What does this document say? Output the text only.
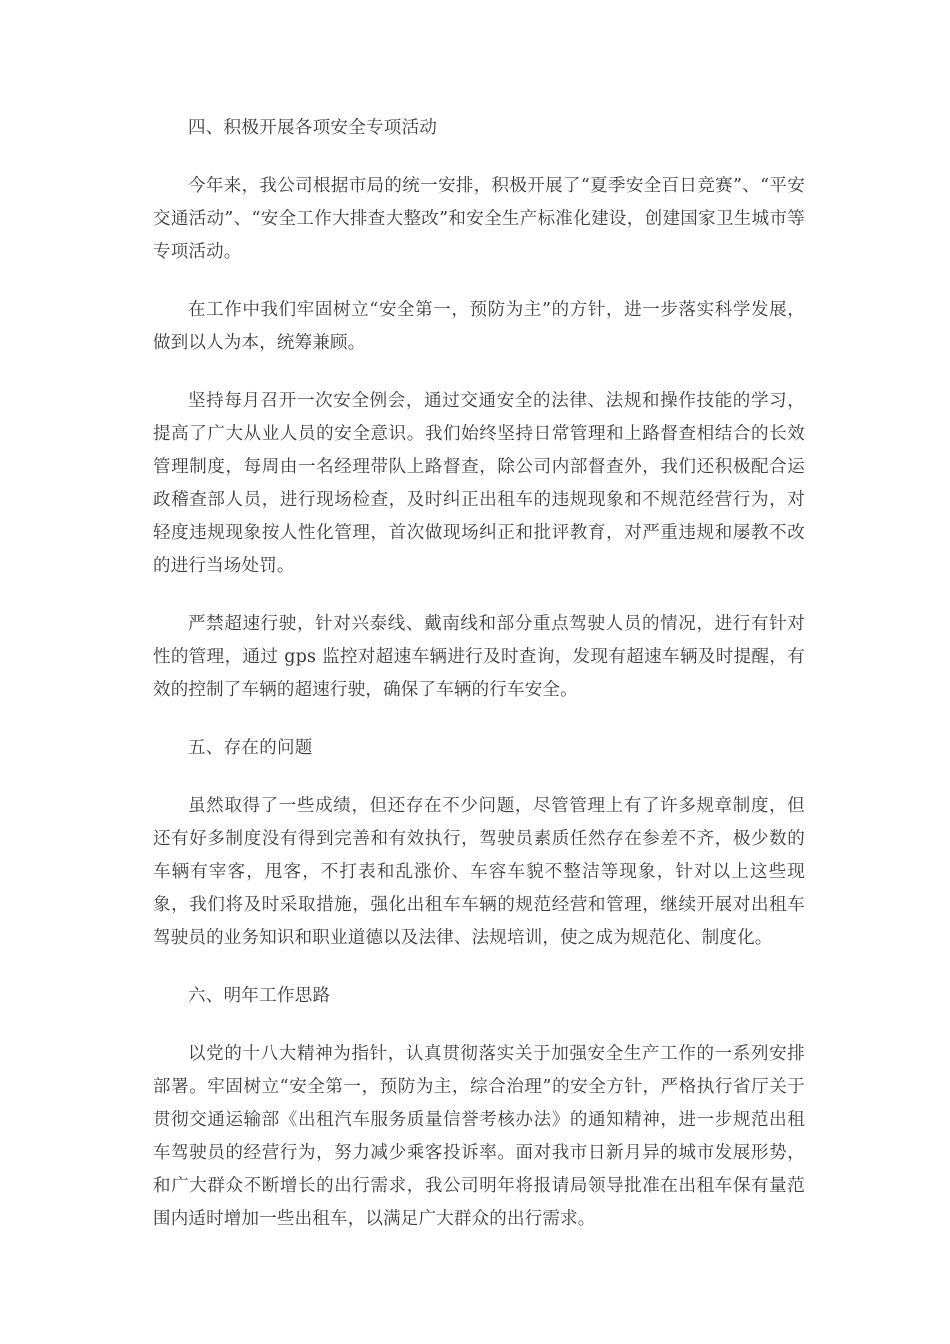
四、积极开展各项安全专项活动
今年来，我公司根据市局的统一安排，积极开展了“夏季安全百日竞赛”、“平安交通活动”、“安全工作大排查大整改”和安全生产标准化建设，创建国家卫生城市等专项活动。
在工作中我们牢固树立“安全第一，预防为主”的方针，进一步落实科学发展，做到以人为本，统筹兼顾。
坚持每月召开一次安全例会，通过交通安全的法律、法规和操作技能的学习，提高了广大从业人员的安全意识。我们始终坚持日常管理和上路督查相结合的长效管理制度，每周由一名经理带队上路督查，除公司内部督查外，我们还积极配合运政稽查部人员，进行现场检查，及时纠正出租车的违规现象和不规范经营行为，对轻度违规现象按人性化管理，首次做现场纠正和批评教育，对严重违规和屡教不改的进行当场处罚。
严禁超速行驶，针对兴泰线、戴南线和部分重点驾驶人员的情况，进行有针对性的管理，通过 gps 监控对超速车辆进行及时查询，发现有超速车辆及时提醒，有效的控制了车辆的超速行驶，确保了车辆的行车安全。
五、存在的问题
虽然取得了一些成绩，但还存在不少问题，尽管管理上有了许多规章制度，但还有好多制度没有得到完善和有效执行，驾驶员素质任然存在参差不齐，极少数的车辆有宰客，甩客，不打表和乱涨价、车容车貌不整洁等现象，针对以上这些现象，我们将及时采取措施，强化出租车车辆的规范经营和管理，继续开展对出租车驾驶员的业务知识和职业道德以及法律、法规培训，使之成为规范化、制度化。
六、明年工作思路
以党的十八大精神为指针，认真贯彻落实关于加强安全生产工作的一系列安排部署。牢固树立“安全第一，预防为主，综合治理”的安全方针，严格执行省厅关于贯彻交通运输部《出租汽车服务质量信誉考核办法》的通知精神，进一步规范出租车驾驶员的经营行为，努力减少乘客投诉率。面对我市日新月异的城市发展形势，和广大群众不断增长的出行需求，我公司明年将报请局领导批准在出租车保有量范围内适时增加一些出租车，以满足广大群众的出行需求。
